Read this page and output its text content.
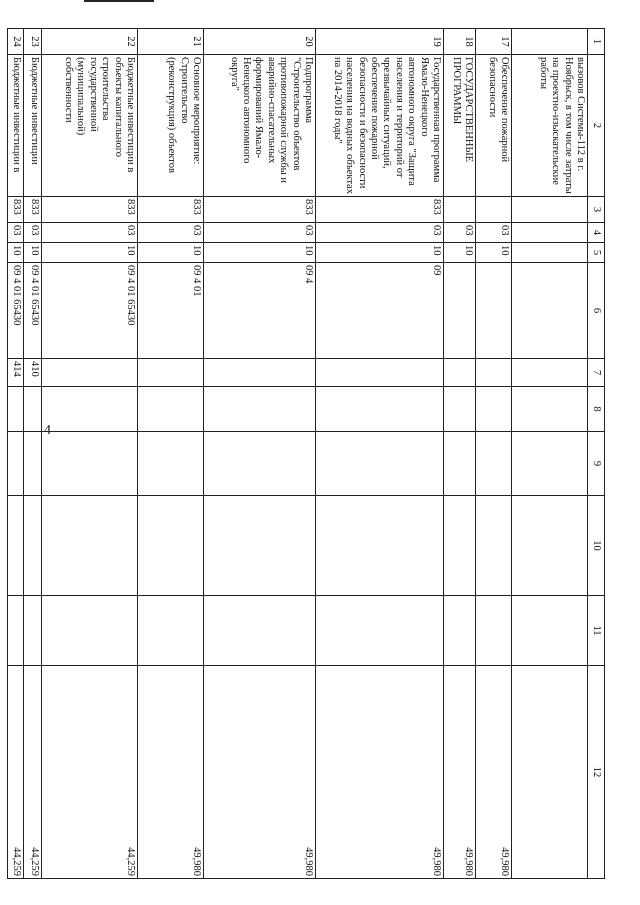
4
1	2	3	4	5	6	7	8	9	10	11	12
	вызовов Системы-112 в г. Ноябрьск, в том числе затраты на проектно-изыскательские работы										
17	Обеспечение пожарной безопасности		03	10							49,980
18	ГОСУДАРСТВЕННЫЕ ПРОГРАММЫ		03	10							49,980
19	Государственная программа Ямало-Ненецкого автономного округа "Защита населения и территорий от чрезвычайных ситуаций, обеспечение пожарной безопасности и безопасности населения на водных объектах на 2014-2018 годы"	833	03	10	09						49,980
20	Подпрограмма "Строительство объектов противопожарной службы и аварийно-спасательных формирований Ямало-Ненецкого автономного округа"	833	03	10	09 4						49,980
21	Основное мероприятие: Строительство (реконструкция) объектов	833	03	10	09 4 01						49,980
22	Бюджетные инвестиции в объекты капитального строительства государственной (муниципальной) собственности	833	03	10	09 4 01 65430						44,259
23	Бюджетные инвестиции	833	03	10	09 4 01 65430	410					44,259
24	Бюджетные инвестиции в	833	03	10	09 4 01 65430	414					44,259
